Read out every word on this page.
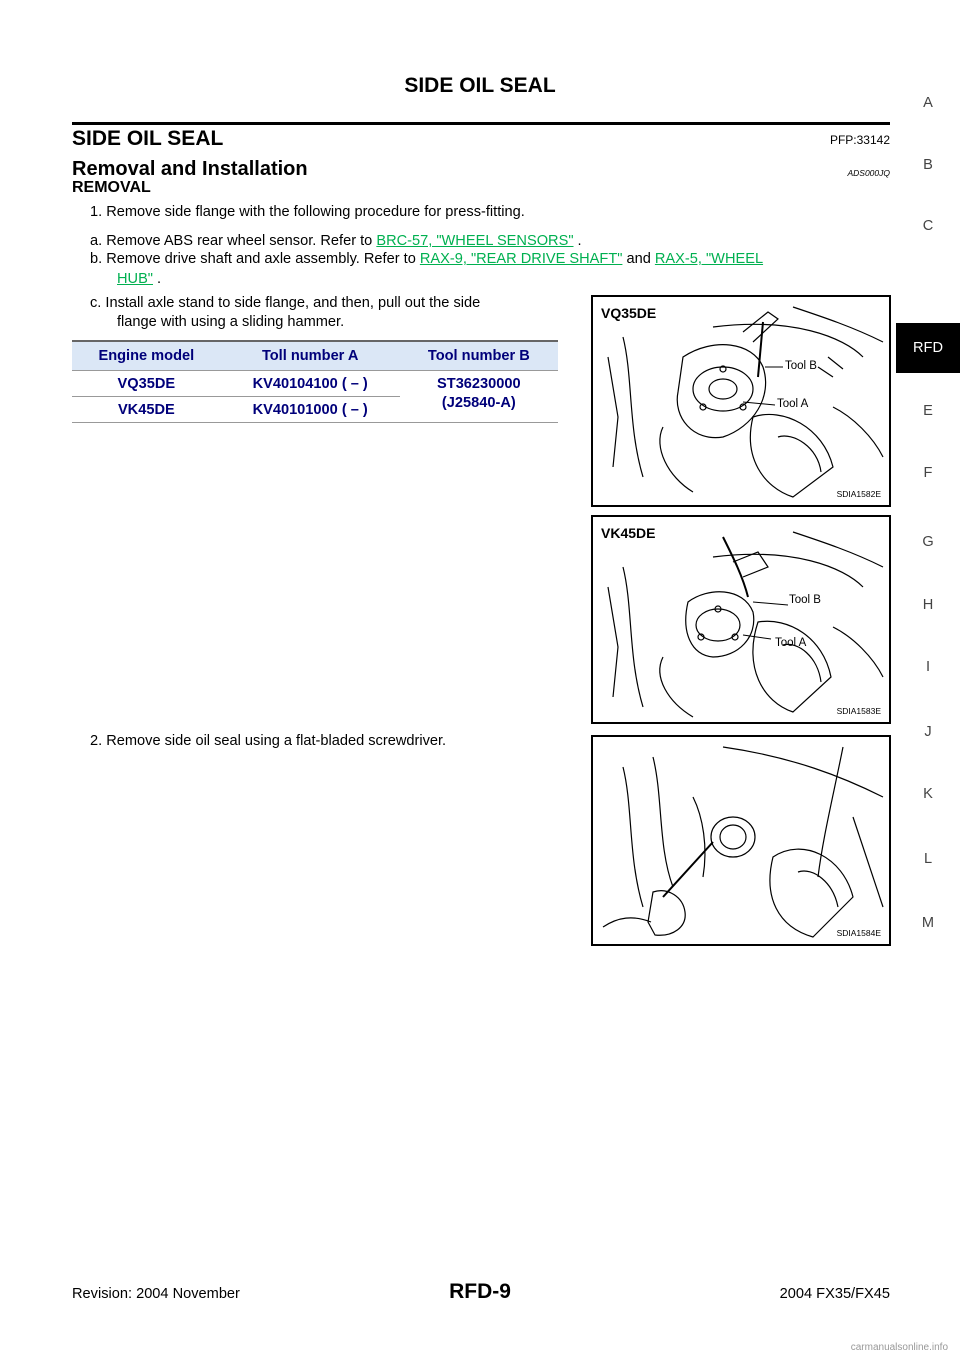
SIDE OIL SEAL
SIDE OIL SEAL	PFP:33142
Removal and Installation	ADS000JQ
REMOVAL
1. Remove side flange with the following procedure for press-fitting.
a. Remove ABS rear wheel sensor. Refer to BRC-57, "WHEEL SENSORS" .
b. Remove drive shaft and axle assembly. Refer to RAX-9, "REAR DRIVE SHAFT" and RAX-5, "WHEEL
HUB" .
c. Install axle stand to side flange, and then, pull out the side
flange with using a sliding hammer.
Engine model	Toll number A	Tool number B
VQ35DE	KV40104100 ( – )	ST36230000
(J25840-A)

VK45DE	KV40101000 ( – )	
2. Remove side oil seal using a flat-bladed screwdriver.
VQ35DE
Tool B
Tool A
SDIA1582E
VK45DE
Tool B
Tool A
SDIA1583E
SDIA1584E
A
B
C
RFD
E
F
G
H
I
J
K
L
M
Revision: 2004 November	RFD-9	2004 FX35/FX45
carmanualsonline.info
